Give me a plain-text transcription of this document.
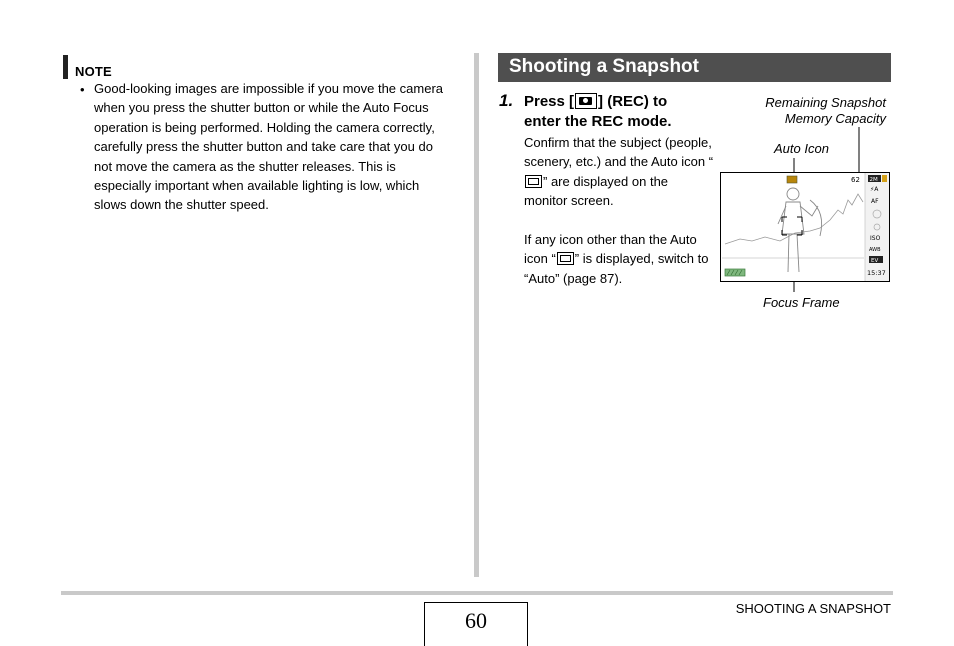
NOTE
• Good-looking images are impossible if you move the camera when you press the shutter button or while the Auto Focus operation is being performed. Holding the camera correctly, carefully press the shutter button and take care that you do not move the camera as the shutter releases. This is especially important when available lighting is low, which slows down the shutter speed.
Shooting a Snapshot
1. Press [ ] (REC) to
enter the REC mode.
Confirm that the subject (people, scenery, etc.) and the Auto icon “” are displayed on the monitor screen.
If any icon other than the Auto icon “ ” is displayed, switch to “Auto” (page 87).
Remaining Snapshot
Memory Capacity
Auto Icon
Focus Frame
62 2M
⚡A
AF
ISO
AWB
EV
15:37
60	SHOOTING A SNAPSHOT
